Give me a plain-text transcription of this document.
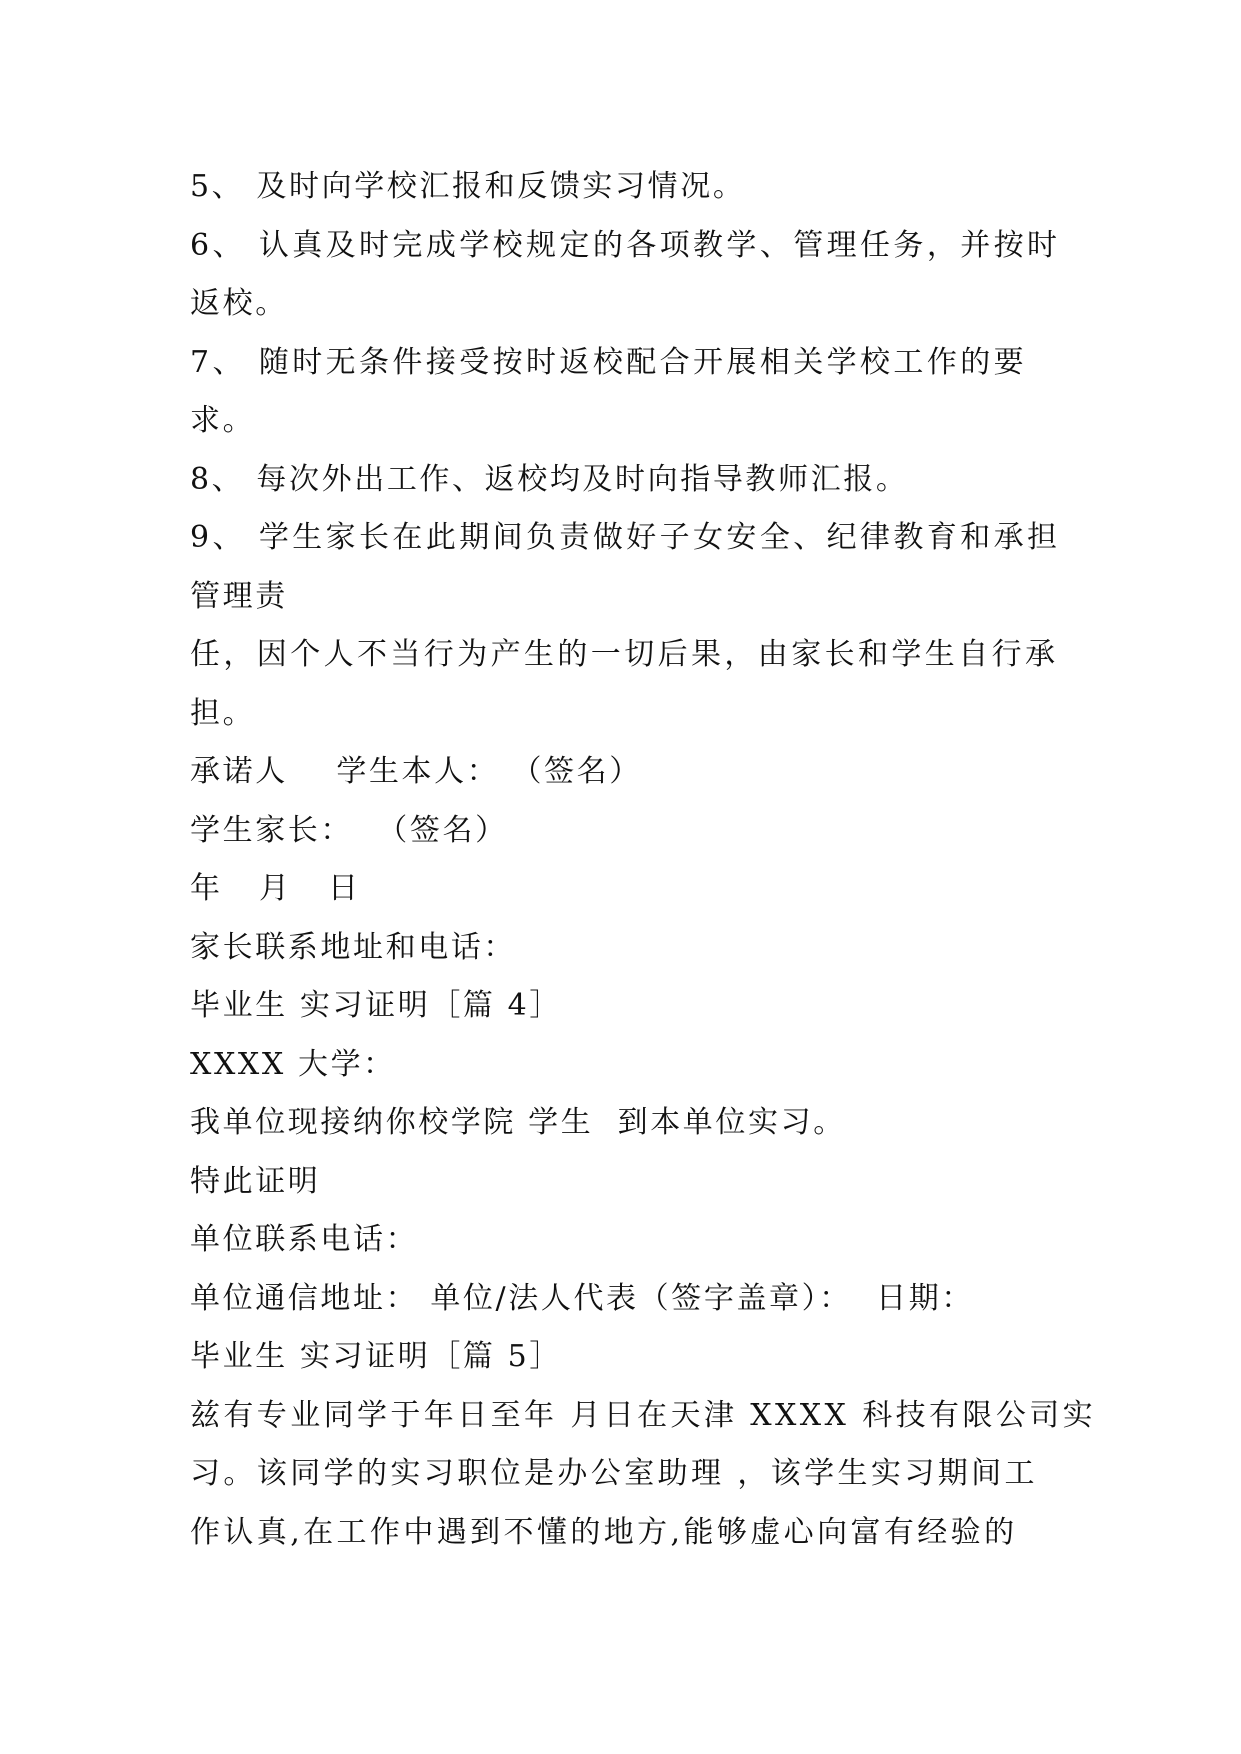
5、 及时向学校汇报和反馈实习情况。
6、 认真及时完成学校规定的各项教学、管理任务，并按时
返校。
7、 随时无条件接受按时返校配合开展相关学校工作的要
求。
8、 每次外出工作、返校均及时向指导教师汇报。
9、 学生家长在此期间负责做好子女安全、纪律教育和承担
管理责
任，因个人不当行为产生的一切后果，由家长和学生自行承
担。
承诺人    学生本人： （签名）
学生家长：  （签名）
年   月   日
家长联系地址和电话：
毕业生 实习证明［篇 4］
XXXX 大学：
我单位现接纳你校学院 学生  到本单位实习。
特此证明
单位联系电话：
单位通信地址： 单位/法人代表（签字盖章）：  日期：
毕业生 实习证明［篇 5］
兹有专业同学于年日至年 月日在天津 XXXX 科技有限公司实
习。该同学的实习职位是办公室助理 ，该学生实习期间工
作认真,在工作中遇到不懂的地方,能够虚心向富有经验的
